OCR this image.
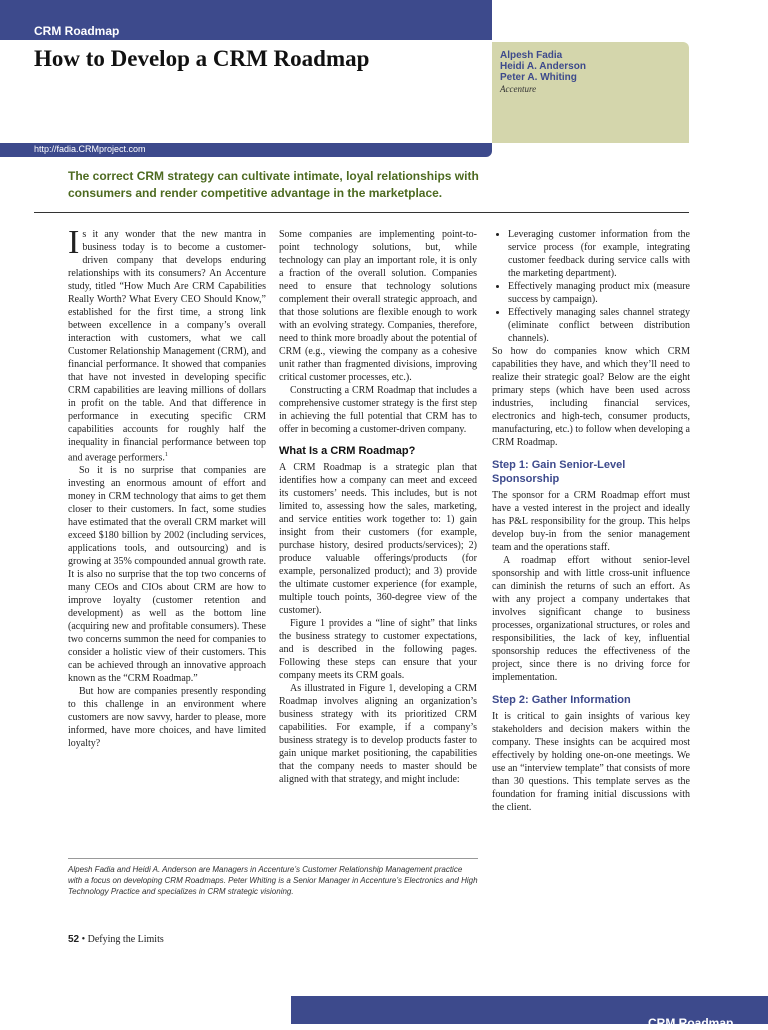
CRM Roadmap
How to Develop a CRM Roadmap	Alpesh Fadia
Heidi A. Anderson
Peter A. Whiting
Accenture
http://fadia.CRMproject.com
The correct CRM strategy can cultivate intimate, loyal relationships with consumers and render competitive advantage in the marketplace.

Is it any wonder that the new mantra in business today is to become a customer-driven company that develops enduring relationships with its consumers? An Accenture study, titled “How Much Are CRM Capabilities Really Worth? What Every CEO Should Know,” established for the first time, a strong link between excellence in a company’s overall interaction with customers, what we call Customer Relationship Management (CRM), and financial performance. It showed that companies that have not invested in developing specific CRM capabilities are leaving millions of dollars in profit on the table. And that difference in performance in executing specific CRM capabilities accounts for roughly half the inequality in financial performance between top and average performers.$^1$

So it is no surprise that companies are investing an enormous amount of effort and money in CRM technology that aims to get them closer to their customers. In fact, some studies have estimated that the overall CRM market will exceed $180 billion by 2002 (including services, applications tools, and outsourcing) and is growing at 35% compounded annual growth rate. It is also no surprise that the top two concerns of many CEOs and CIOs about CRM are how to improve loyalty (customer retention and development) as well as the bottom line (acquiring new and profitable consumers). These two concerns summon the need for companies to consider a holistic view of their customers. This can be achieved through an innovative approach known as the “CRM Roadmap.”

But how are companies presently responding to this challenge in an environment where customers are now savvy, harder to please, more informed, have more choices, and have limited loyalty?

• Leveraging customer information from the service process (for example, integrating customer feedback during service calls with the marketing department).
• Effectively managing product mix (measure success by campaign).
• Effectively managing sales channel strategy (eliminate conflict between distribution channels).

So how do companies know which CRM capabilities they have, and which they’ll need to realize their strategic goal? Below are the eight primary steps (which have been used across industries, including financial services, electronics and high-tech, consumer products, manufacturing, etc.) to follow when developing a CRM Roadmap.

Step 1: Gain Senior-Level Sponsorship

The sponsor for a CRM Roadmap effort must have a vested interest in the project and ideally has P&L responsibility for the group. This helps develop buy-in from the senior management team and the operations staff.

A roadmap effort without senior-level sponsorship and with little cross-unit influence can diminish the returns of such an effort. As with any project a company undertakes that involves significant change to business processes, organizational structures, or roles and responsibilities, the lack of key, influential sponsorship reduces the effectiveness of the project, since there is no driving force for implementation.

Step 2: Gather Information

It is critical to gain insights of various key stakeholders and decision makers within the company. These insights can be acquired most effectively by holding one-on-one meetings. We use an “interview template” that consists of more than 30 questions. This template serves as the foundation for framing initial discussions with the client.

Some companies are implementing point-to-point technology solutions, but, while technology can play an important role, it is only a fraction of the overall solution. Companies need to ensure that technology solutions complement their overall strategic approach, and that those solutions are flexible enough to work with an evolving strategy. Companies, therefore, need to think more broadly about the potential of CRM (e.g., viewing the company as a cohesive unit rather than fragmented divisions, improving critical customer processes, etc.).

Constructing a CRM Roadmap that includes a comprehensive customer strategy is the first step in achieving the full potential that CRM has to offer in becoming a customer-driven company.

What Is a CRM Roadmap?

A CRM Roadmap is a strategic plan that identifies how a company can meet and exceed its customers’ needs. This includes, but is not limited to, assessing how the sales, marketing, and service entities work together to: 1) gain insight from their customers (for example, purchase history, desired products/services); 2) produce valuable offerings/products (for example, personalized product); and 3) provide the ultimate customer experience (for example, multiple touch points, 360-degree view of the customer).

Figure 1 provides a “line of sight” that links the business strategy to customer expectations, and is described in the following pages. Following these steps can ensure that your company meets its CRM goals.

As illustrated in Figure 1, developing a CRM Roadmap involves aligning an organization’s business strategy with its prioritized CRM capabilities. For example, if a company’s business strategy is to develop products faster to gain unique market positioning, the capabilities that the company needs to master should be aligned with that strategy, and might include:

Alpesh Fadia and Heidi A. Anderson are Managers in Accenture’s Customer Relationship Management practice with a focus on developing CRM Roadmaps. Peter Whiting is a Senior Manager in Accenture’s Electronics and High Technology Practice and specializes in CRM strategic visioning.
52 • Defying the Limits
CRM Roadmap
